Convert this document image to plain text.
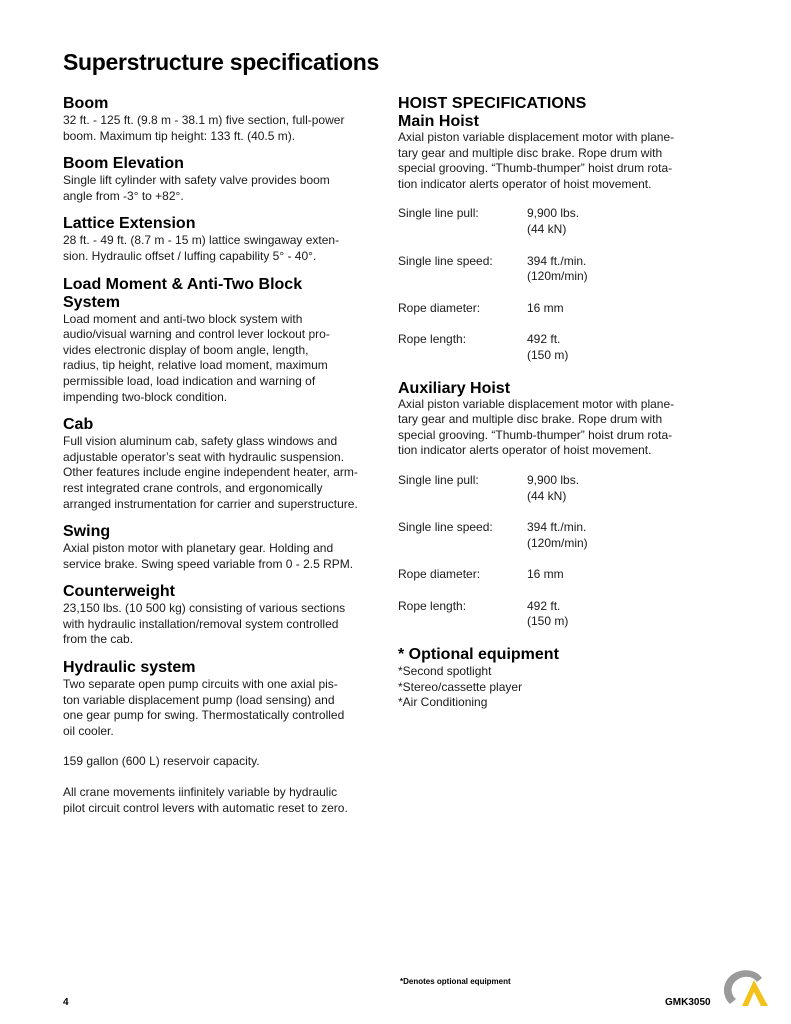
Superstructure specifications
Boom
32 ft. - 125 ft. (9.8 m - 38.1 m) five section, full-power
boom. Maximum tip height: 133 ft. (40.5 m).
Boom Elevation
Single lift cylinder with safety valve provides boom
angle from -3° to +82°.
Lattice Extension
28 ft. - 49 ft. (8.7 m - 15 m) lattice swingaway exten-
sion. Hydraulic offset / luffing capability 5° - 40°.
Load Moment & Anti-Two Block
System
Load moment and anti-two block system with
audio/visual warning and control lever lockout pro-
vides electronic display of boom angle, length,
radius, tip height, relative load moment, maximum
permissible load, load indication and warning of
impending two-block condition.
Cab
Full vision aluminum cab, safety glass windows and
adjustable operator’s seat with hydraulic suspension.
Other features include engine independent heater, arm-
rest integrated crane controls, and ergonomically
arranged instrumentation for carrier and superstructure.
Swing
Axial piston motor with planetary gear. Holding and
service brake. Swing speed variable from 0 - 2.5 RPM.
Counterweight
23,150 lbs. (10 500 kg) consisting of various sections
with hydraulic installation/removal system controlled
from the cab.
Hydraulic system
Two separate open pump circuits with one axial pis-
ton variable displacement pump (load sensing) and
one gear pump for swing. Thermostatically controlled
oil cooler.
159 gallon (600 L) reservoir capacity.
All crane movements iinfinitely variable by hydraulic
pilot circuit control levers with automatic reset to zero.
HOIST SPECIFICATIONS
Main Hoist
Axial piston variable displacement motor with plane-
tary gear and multiple disc brake. Rope drum with
special grooving. “Thumb-thumper” hoist drum rota-
tion indicator alerts operator of hoist movement.
Single line pull:	9,900 lbs.
(44 kN)
Single line speed:	394 ft./min.
(120m/min)
Rope diameter:	16 mm
Rope length:	492 ft.
(150 m)
Auxiliary Hoist
Axial piston variable displacement motor with plane-
tary gear and multiple disc brake. Rope drum with
special grooving. “Thumb-thumper” hoist drum rota-
tion indicator alerts operator of hoist movement.
Single line pull:	9,900 lbs.
(44 kN)
Single line speed:	394 ft./min.
(120m/min)
Rope diameter:	16 mm
Rope length:	492 ft.
(150 m)
* Optional equipment
*Second spotlight
*Stereo/cassette player
*Air Conditioning
*Denotes optional equipment
4	GMK3050
